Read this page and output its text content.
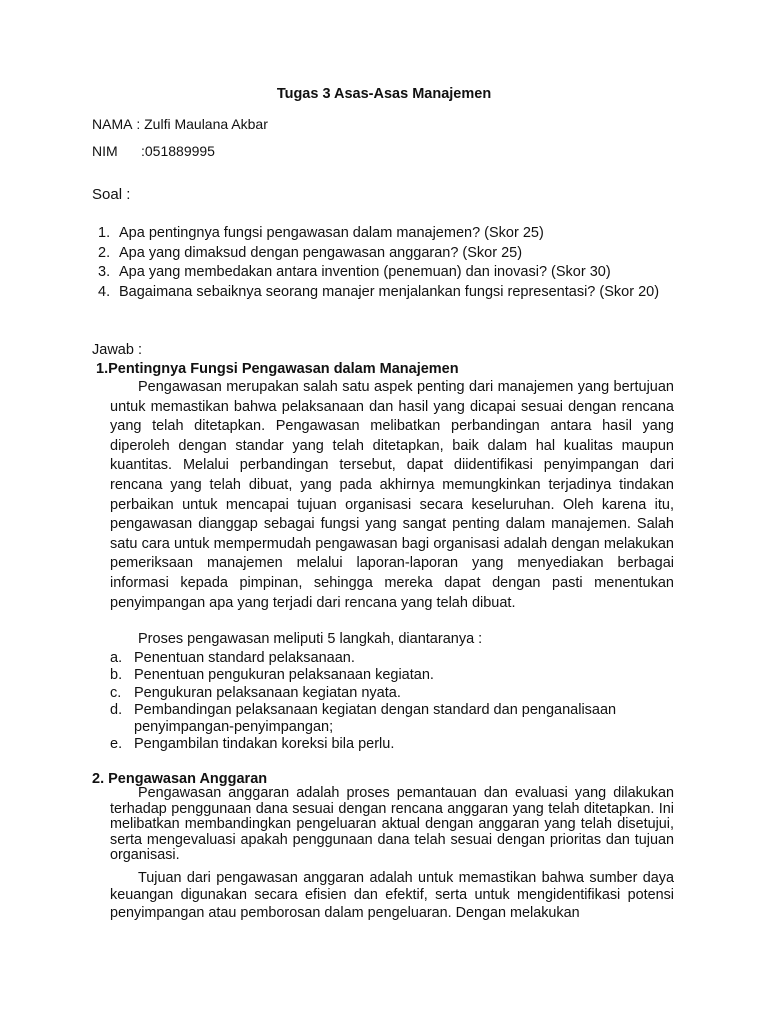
Tugas 3 Asas-Asas Manajemen
NAMA : Zulfi Maulana Akbar
NIM :051889995
Soal :
1. Apa pentingnya fungsi pengawasan dalam manajemen? (Skor 25)
2. Apa yang dimaksud dengan pengawasan anggaran? (Skor 25)
3. Apa yang membedakan antara invention (penemuan) dan inovasi? (Skor 30)
4. Bagaimana sebaiknya seorang manajer menjalankan fungsi representasi? (Skor 20)
Jawab :
1.Pentingnya Fungsi Pengawasan dalam Manajemen

Pengawasan merupakan salah satu aspek penting dari manajemen yang bertujuan untuk memastikan bahwa pelaksanaan dan hasil yang dicapai sesuai dengan rencana yang telah ditetapkan. Pengawasan melibatkan perbandingan antara hasil yang diperoleh dengan standar yang telah ditetapkan, baik dalam hal kualitas maupun kuantitas. Melalui perbandingan tersebut, dapat diidentifikasi penyimpangan dari rencana yang telah dibuat, yang pada akhirnya memungkinkan terjadinya tindakan perbaikan untuk mencapai tujuan organisasi secara keseluruhan. Oleh karena itu, pengawasan dianggap sebagai fungsi yang sangat penting dalam manajemen. Salah satu cara untuk mempermudah pengawasan bagi organisasi adalah dengan melakukan pemeriksaan manajemen melalui laporan-laporan yang menyediakan berbagai informasi kepada pimpinan, sehingga mereka dapat dengan pasti menentukan penyimpangan apa yang terjadi dari rencana yang telah dibuat.

Proses pengawasan meliputi 5 langkah, diantaranya :

a. Penentuan standard pelaksanaan.
b. Penentuan pengukuran pelaksanaan kegiatan.
c. Pengukuran pelaksanaan kegiatan nyata.
d. Pembandingan pelaksanaan kegiatan dengan standard dan penganalisaan penyimpangan-penyimpangan;
e. Pengambilan tindakan koreksi bila perlu.
2. Pengawasan Anggaran

Pengawasan anggaran adalah proses pemantauan dan evaluasi yang dilakukan terhadap penggunaan dana sesuai dengan rencana anggaran yang telah ditetapkan. Ini melibatkan membandingkan pengeluaran aktual dengan anggaran yang telah disetujui, serta mengevaluasi apakah penggunaan dana telah sesuai dengan prioritas dan tujuan organisasi.

Tujuan dari pengawasan anggaran adalah untuk memastikan bahwa sumber daya keuangan digunakan secara efisien dan efektif, serta untuk mengidentifikasi potensi penyimpangan atau pemborosan dalam pengeluaran. Dengan melakukan
